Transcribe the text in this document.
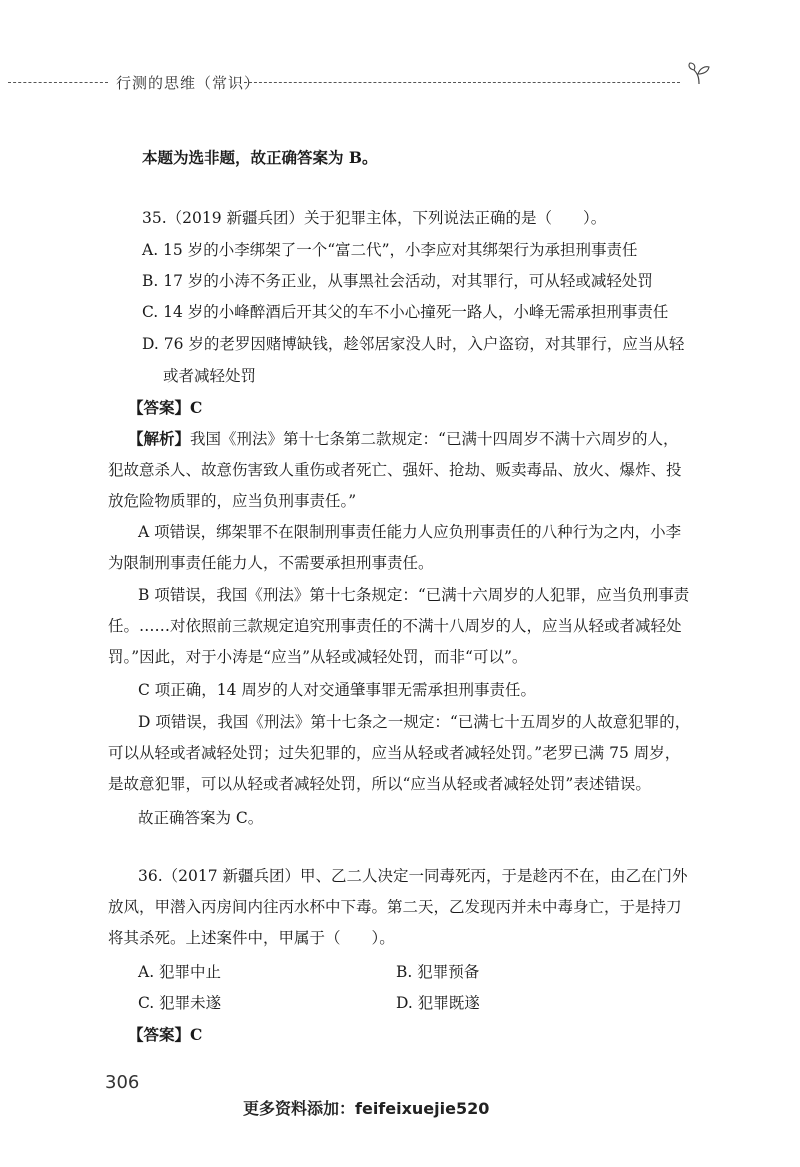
行测的思维（常识）
本题为选非题，故正确答案为 B。
35.（2019 新疆兵团）关于犯罪主体，下列说法正确的是（　　）。
A. 15 岁的小李绑架了一个“富二代”，小李应对其绑架行为承担刑事责任
B. 17 岁的小涛不务正业，从事黑社会活动，对其罪行，可从轻或减轻处罚
C. 14 岁的小峰醉酒后开其父的车不小心撞死一路人，小峰无需承担刑事责任
D. 76 岁的老罗因赌博缺钱，趁邻居家没人时，入户盗窃，对其罪行，应当从轻
或者减轻处罚
【答案】C
【解析】我国《刑法》第十七条第二款规定：“已满十四周岁不满十六周岁的人，
犯故意杀人、故意伤害致人重伤或者死亡、强奸、抢劫、贩卖毒品、放火、爆炸、投
放危险物质罪的，应当负刑事责任。”
A 项错误，绑架罪不在限制刑事责任能力人应负刑事责任的八种行为之内，小李
为限制刑事责任能力人，不需要承担刑事责任。
B 项错误，我国《刑法》第十七条规定：“已满十六周岁的人犯罪，应当负刑事责
任。……对依照前三款规定追究刑事责任的不满十八周岁的人，应当从轻或者减轻处
罚。”因此，对于小涛是“应当”从轻或减轻处罚，而非“可以”。
C 项正确，14 周岁的人对交通肇事罪无需承担刑事责任。
D 项错误，我国《刑法》第十七条之一规定：“已满七十五周岁的人故意犯罪的，
可以从轻或者减轻处罚；过失犯罪的，应当从轻或者减轻处罚。”老罗已满 75 周岁，
是故意犯罪，可以从轻或者减轻处罚，所以“应当从轻或者减轻处罚”表述错误。
故正确答案为 C。
36.（2017 新疆兵团）甲、乙二人决定一同毒死丙，于是趁丙不在，由乙在门外
放风，甲潜入丙房间内往丙水杯中下毒。第二天，乙发现丙并未中毒身亡，于是持刀
将其杀死。上述案件中，甲属于（　　）。
A. 犯罪中止	B. 犯罪预备
C. 犯罪未遂	D. 犯罪既遂
【答案】C
306
更多资料添加：feifeixuejie520
